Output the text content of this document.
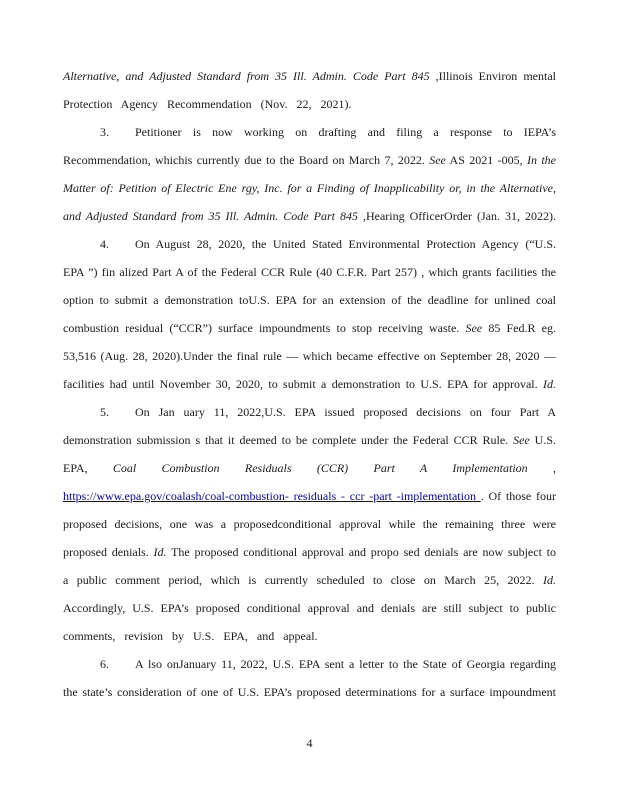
Alternative, and Adjusted Standard from 35 Ill. Admin. Code Part 845 ,Illinois Environ mental
Protection Agency Recommendation (Nov. 22, 2021).
3. Petitioner is now working on drafting and filing a response to IEPA’s
Recommendation, whichis currently due to the Board on March 7, 2022. See AS 2021 -005, In the
Matter of: Petition of Electric Ene rgy, Inc. for a Finding of Inapplicability or, in the Alternative,
and Adjusted Standard from 35 Ill. Admin. Code Part 845 ,Hearing OfficerOrder (Jan. 31, 2022).
4. On August 28, 2020, the United Stated Environmental Protection Agency (“U.S.
EPA ”) fin alized Part A of the Federal CCR Rule (40 C.F.R. Part 257) , which grants facilities the
option to submit a demonstration toU.S. EPA for an extension of the deadline for unlined coal
combustion residual (“CCR”) surface impoundments to stop receiving waste. See 85 Fed.R eg.
53,516 (Aug. 28, 2020).Under the final rule — which became effective on September 28, 2020 —
facilities had until November 30, 2020, to submit a demonstration to U.S. EPA for approval. Id.
5. On Jan uary 11, 2022,U.S. EPA issued proposed decisions on four Part A
demonstration submission s that it deemed to be complete under the Federal CCR Rule. See U.S.
EPA, Coal Combustion Residuals (CCR) Part A Implementation ,
https://www.epa.gov/coalash/coal-combustion- residuals - ccr -part -implementation . Of those four
proposed decisions, one was a proposedconditional approval while the remaining three were
proposed denials. Id. The proposed conditional approval and propo sed denials are now subject to
a public comment period, which is currently scheduled to close on March 25, 2022. Id.
Accordingly, U.S. EPA’s proposed conditional approval and denials are still subject to public
comments, revision by U.S. EPA, and appeal.
6. A lso onJanuary 11, 2022, U.S. EPA sent a letter to the State of Georgia regarding
the state’s consideration of one of U.S. EPA’s proposed determinations for a surface impoundment
4
